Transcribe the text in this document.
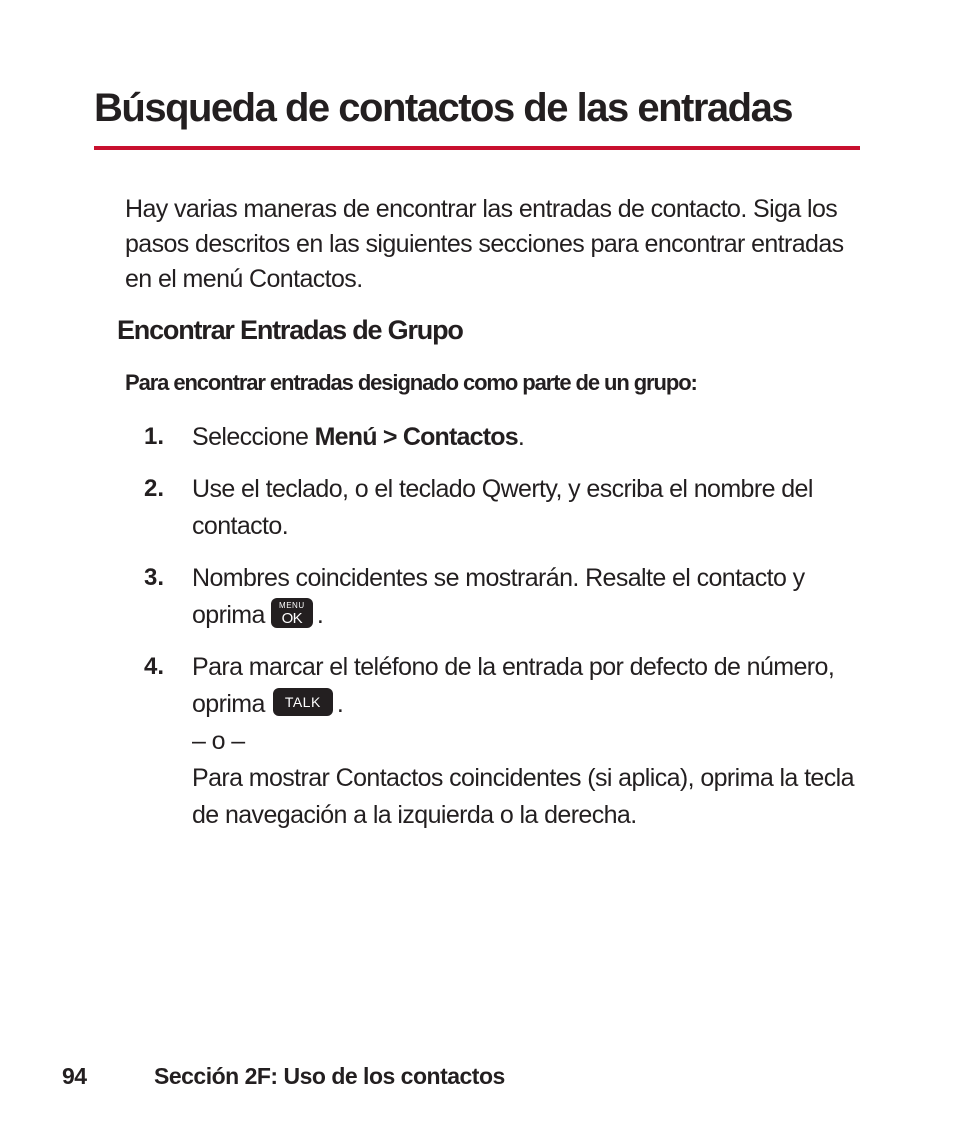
Búsqueda de contactos de las entradas

Hay varias maneras de encontrar las entradas de contacto. Siga los pasos descritos en las siguientes secciones para encontrar entradas en el menú Contactos.

Encontrar Entradas de Grupo

Para encontrar entradas designado como parte de un grupo:

1. Seleccione Menú > Contactos.
2. Use el teclado, o el teclado Qwerty, y escriba el nombre del contacto.
3. Nombres coincidentes se mostrarán. Resalte el contacto y oprima	MENU
OK .
4. Para marcar el teléfono de la entrada por defecto de número, oprima TALK .
– o –
Para mostrar Contactos coincidentes (si aplica), oprima la tecla de navegación a la izquierda o la derecha.
94	Sección 2F: Uso de los contactos
